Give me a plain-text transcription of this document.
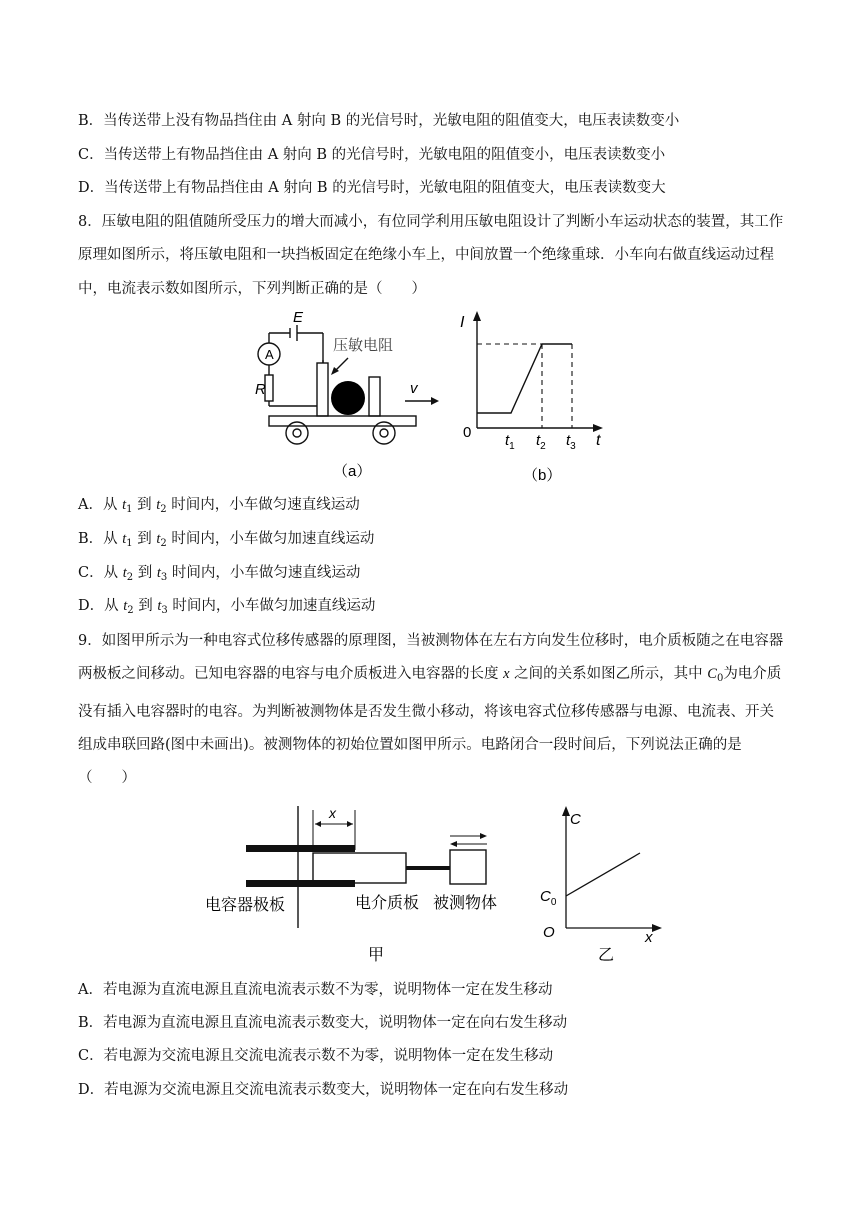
B．当传送带上没有物品挡住由 A 射向 B 的光信号时，光敏电阻的阻值变大，电压表读数变小
C．当传送带上有物品挡住由 A 射向 B 的光信号时，光敏电阻的阻值变小，电压表读数变小
D．当传送带上有物品挡住由 A 射向 B 的光信号时，光敏电阻的阻值变大，电压表读数变大
8．压敏电阻的阻值随所受压力的增大而减小，有位同学利用压敏电阻设计了判断小车运动状态的装置，其工作原理如图所示，将压敏电阻和一块挡板固定在绝缘小车上，中间放置一个绝缘重球．小车向右做直线运动过程中，电流表示数如图所示，下列判断正确的是（　　）
A
E
R
压敏电阻
v
（a）
I
0 $t_1$ $t_2$ $t_3$ t
（b）
A．从 $t_1$ 到 $t_2$ 时间内，小车做匀速直线运动
B．从 $t_1$ 到 $t_2$ 时间内，小车做匀加速直线运动
C．从 $t_2$ 到 $t_3$ 时间内，小车做匀速直线运动
D．从 $t_2$ 到 $t_3$ 时间内，小车做匀加速直线运动
9．如图甲所示为一种电容式位移传感器的原理图，当被测物体在左右方向发生位移时，电介质板随之在电容器两极板之间移动。已知电容器的电容与电介质板进入电容器的长度 x 之间的关系如图乙所示，其中 $C_0$为电介质没有插入电容器时的电容。为判断被测物体是否发生微小移动，将该电容式位移传感器与电源、电流表、开关组成串联回路(图中未画出)。被测物体的初始位置如图甲所示。电路闭合一段时间后，下列说法正确的是（　　）
x
电容器极板	电介质板 被测物体
甲
C
$C_0$
O	x
乙
A．若电源为直流电源且直流电流表示数不为零，说明物体一定在发生移动
B．若电源为直流电源且直流电流表示数变大，说明物体一定在向右发生移动
C．若电源为交流电源且交流电流表示数不为零，说明物体一定在发生移动
D．若电源为交流电源且交流电流表示数变大，说明物体一定在向右发生移动
